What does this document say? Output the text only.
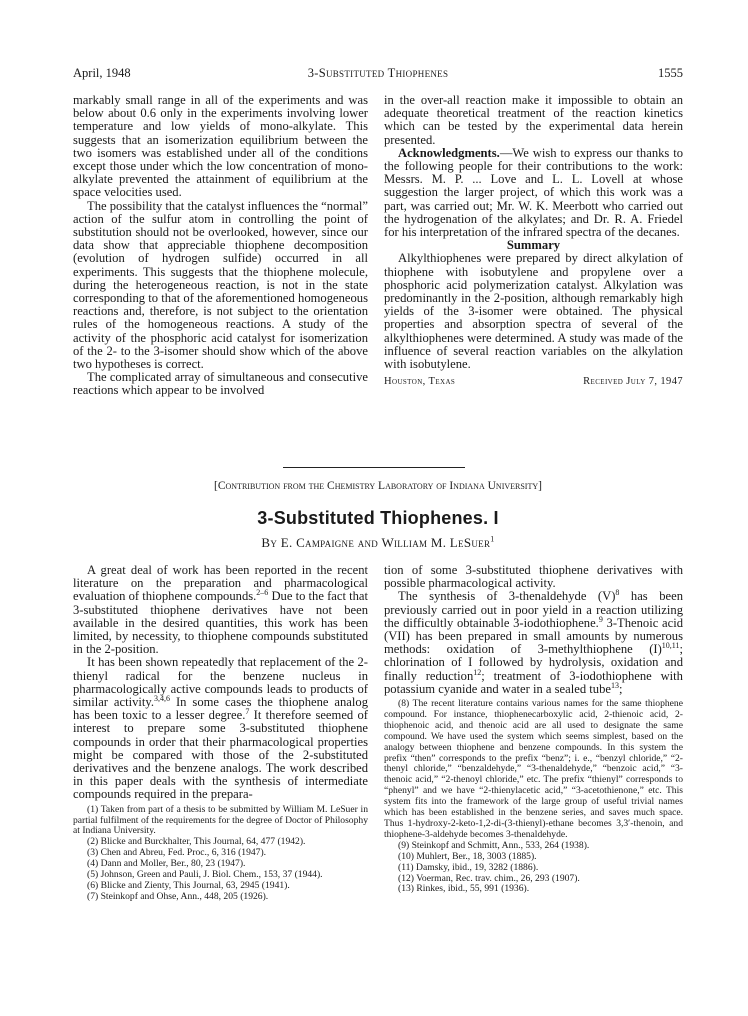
April, 1948	3-Substituted Thiophenes	1555

markably small range in all of the experiments and was below about 0.6 only in the experiments involving lower temperature and low yields of mono-alkylate. This suggests that an isomerization equilibrium between the two isomers was established under all of the conditions except those under which the low concentration of mono-alkylate prevented the attainment of equilibrium at the space velocities used.

The possibility that the catalyst influences the “normal” action of the sulfur atom in controlling the point of substitution should not be overlooked, however, since our data show that appreciable thiophene decomposition (evolution of hydrogen sulfide) occurred in all experiments. This suggests that the thiophene molecule, during the heterogeneous reaction, is not in the state corresponding to that of the aforementioned homogeneous reactions and, therefore, is not subject to the orientation rules of the homogeneous reactions. A study of the activity of the phosphoric acid catalyst for isomerization of the 2- to the 3-isomer should show which of the above two hypotheses is correct.

The complicated array of simultaneous and consecutive reactions which appear to be involved

in the over-all reaction make it impossible to obtain an adequate theoretical treatment of the reaction kinetics which can be tested by the experimental data herein presented.

Acknowledgments.—We wish to express our thanks to the following people for their contributions to the work: Messrs. M. P. ... Love and L. L. Lovell at whose suggestion the larger project, of which this work was a part, was carried out; Mr. W. K. Meerbott who carried out the hydrogenation of the alkylates; and Dr. R. A. Friedel for his interpretation of the infrared spectra of the decanes.

Summary

Alkylthiophenes were prepared by direct alkylation of thiophene with isobutylene and propylene over a phosphoric acid polymerization catalyst. Alkylation was predominantly in the 2-position, although remarkably high yields of the 3-isomer were obtained. The physical properties and absorption spectra of several of the alkylthiophenes were determined. A study was made of the influence of several reaction variables on the alkylation with isobutylene.

Houston, Texas	Received July 7, 1947
[Contribution from the Chemistry Laboratory of Indiana University]
3-Substituted Thiophenes. I
By E. Campaigne and William M. LeSuer$^1$

A great deal of work has been reported in the recent literature on the preparation and pharmacological evaluation of thiophene compounds.$^{2-6}$ Due to the fact that 3-substituted thiophene derivatives have not been available in the desired quantities, this work has been limited, by necessity, to thiophene compounds substituted in the 2-position.

It has been shown repeatedly that replacement of the 2-thienyl radical for the benzene nucleus in pharmacologically active compounds leads to products of similar activity.$^{3,4,6}$ In some cases the thiophene analog has been toxic to a lesser degree.$^7$ It therefore seemed of interest to prepare some 3-substituted thiophene compounds in order that their pharmacological properties might be compared with those of the 2-substituted derivatives and the benzene analogs. The work described in this paper deals with the synthesis of intermediate compounds required in the prepara-

(1) Taken from part of a thesis to be submitted by William M. LeSuer in partial fulfilment of the requirements for the degree of Doctor of Philosophy at Indiana University.

(2) Blicke and Burckhalter, This Journal, 64, 477 (1942).

(3) Chen and Abreu, Fed. Proc., 6, 316 (1947).

(4) Dann and Moller, Ber., 80, 23 (1947).

(5) Johnson, Green and Pauli, J. Biol. Chem., 153, 37 (1944).

(6) Blicke and Zienty, This Journal, 63, 2945 (1941).

(7) Steinkopf and Ohse, Ann., 448, 205 (1926).

tion of some 3-substituted thiophene derivatives with possible pharmacological activity.

The synthesis of 3-thenaldehyde $(V)^8$ has been previously carried out in poor yield in a reaction utilizing the difficultly obtainable 3-iodothiophene.$^9$ 3-Thenoic acid (VII) has been prepared in small amounts by numerous methods: oxidation of 3-methylthiophene $(I)^{10,11}$; chlorination of I followed by hydrolysis, oxidation and finally reduction$^{12}$; treatment of 3-iodothiophene with potassium cyanide and water in a sealed tube$^{13}$;

(8) The recent literature contains various names for the same thiophene compound. For instance, thiophenecarboxylic acid, 2-thienoic acid, 2-thiophenoic acid, and thenoic acid are all used to designate the same compound. We have used the system which seems simplest, based on the analogy between thiophene and benzene compounds. In this system the prefix “then” corresponds to the prefix “benz”; i. e., “benzyl chloride,” “2-thenyl chloride,” “benzaldehyde,” “3-thenaldehyde,” “benzoic acid,” “3-thenoic acid,” “2-thenoyl chloride,” etc. The prefix “thienyl” corresponds to “phenyl” and we have “2-thienylacetic acid,” “3-acetothienone,” etc. This system fits into the framework of the large group of useful trivial names which has been established in the benzene series, and saves much space. Thus 1-hydroxy-2-keto-1,2-di-(3-thienyl)-ethane becomes 3,3′-thenoin, and thiophene-3-aldehyde becomes 3-thenaldehyde.

(9) Steinkopf and Schmitt, Ann., 533, 264 (1938).

(10) Muhlert, Ber., 18, 3003 (1885).

(11) Damsky, ibid., 19, 3282 (1886).

(12) Voerman, Rec. trav. chim., 26, 293 (1907).

(13) Rinkes, ibid., 55, 991 (1936).
